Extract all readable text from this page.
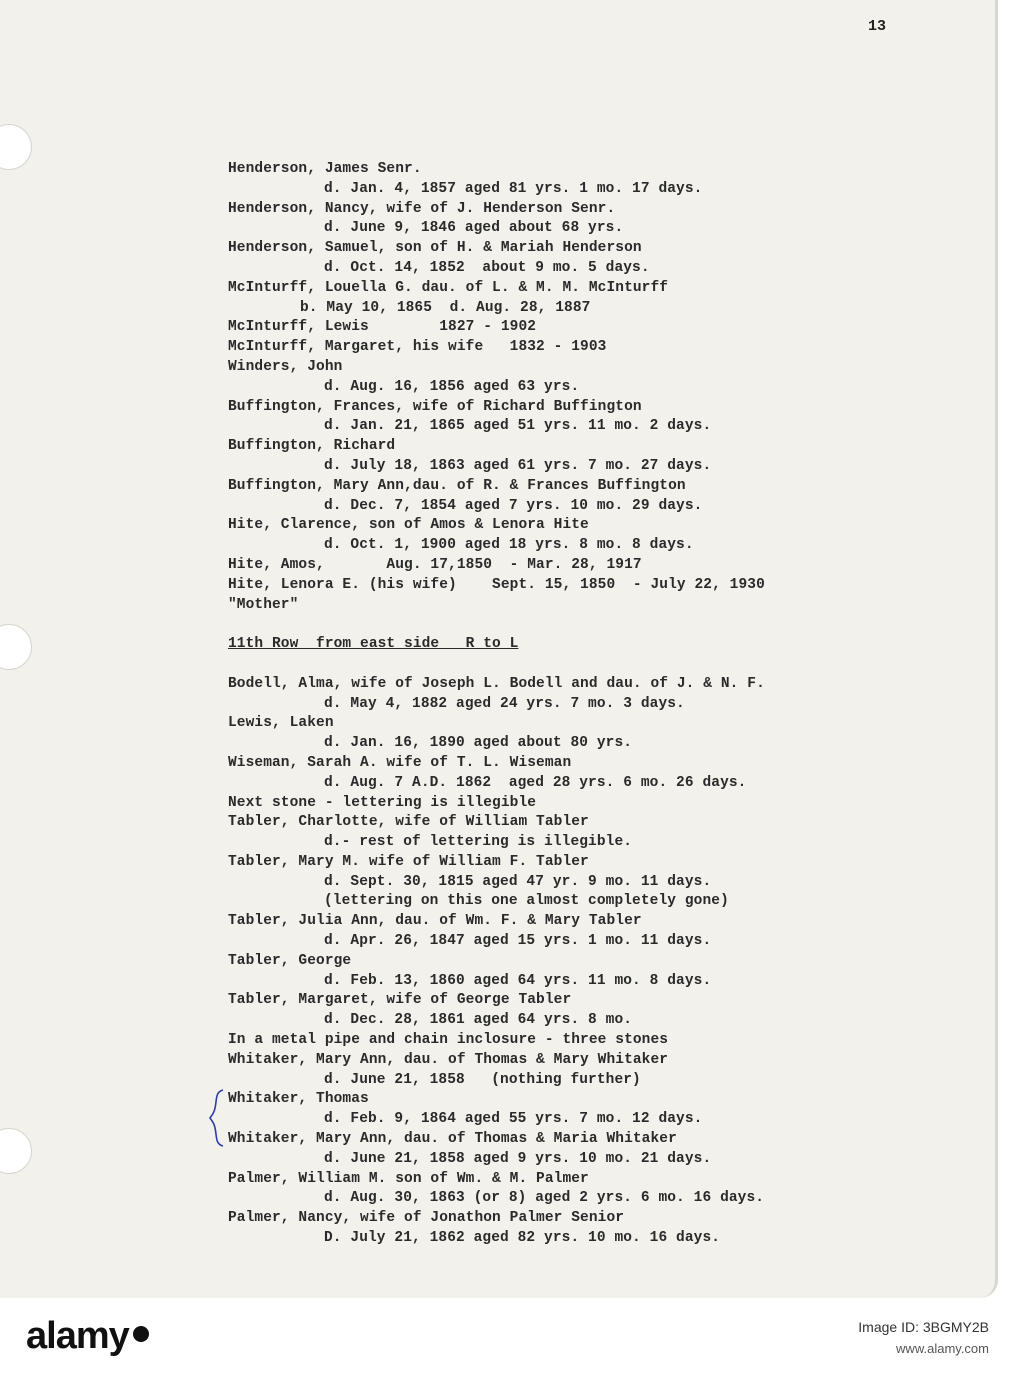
13
Henderson, James Senr.
d. Jan. 4, 1857 aged 81 yrs. 1 mo. 17 days.
Henderson, Nancy, wife of J. Henderson Senr.
d. June 9, 1846 aged about 68 yrs.
Henderson, Samuel, son of H. & Mariah Henderson
d. Oct. 14, 1852  about 9 mo. 5 days.
McInturff, Louella G. dau. of L. & M. M. McInturff
b. May 10, 1865  d. Aug. 28, 1887
McInturff, Lewis        1827 - 1902
McInturff, Margaret, his wife   1832 - 1903
Winders, John
d. Aug. 16, 1856 aged 63 yrs.
Buffington, Frances, wife of Richard Buffington
d. Jan. 21, 1865 aged 51 yrs. 11 mo. 2 days.
Buffington, Richard
d. July 18, 1863 aged 61 yrs. 7 mo. 27 days.
Buffington, Mary Ann,dau. of R. & Frances Buffington
d. Dec. 7, 1854 aged 7 yrs. 10 mo. 29 days.
Hite, Clarence, son of Amos & Lenora Hite
d. Oct. 1, 1900 aged 18 yrs. 8 mo. 8 days.
Hite, Amos,       Aug. 17,1850  - Mar. 28, 1917
Hite, Lenora E. (his wife)    Sept. 15, 1850  - July 22, 1930
"Mother"
11th Row  from east side   R to L
Bodell, Alma, wife of Joseph L. Bodell and dau. of J. & N. F.
d. May 4, 1882 aged 24 yrs. 7 mo. 3 days.
Lewis, Laken
d. Jan. 16, 1890 aged about 80 yrs.
Wiseman, Sarah A. wife of T. L. Wiseman
d. Aug. 7 A.D. 1862  aged 28 yrs. 6 mo. 26 days.
Next stone - lettering is illegible
Tabler, Charlotte, wife of William Tabler
d.- rest of lettering is illegible.
Tabler, Mary M. wife of William F. Tabler
d. Sept. 30, 1815 aged 47 yr. 9 mo. 11 days.
(lettering on this one almost completely gone)
Tabler, Julia Ann, dau. of Wm. F. & Mary Tabler
d. Apr. 26, 1847 aged 15 yrs. 1 mo. 11 days.
Tabler, George
d. Feb. 13, 1860 aged 64 yrs. 11 mo. 8 days.
Tabler, Margaret, wife of George Tabler
d. Dec. 28, 1861 aged 64 yrs. 8 mo.
In a metal pipe and chain inclosure - three stones
Whitaker, Mary Ann, dau. of Thomas & Mary Whitaker
d. June 21, 1858   (nothing further)
Whitaker, Thomas
d. Feb. 9, 1864 aged 55 yrs. 7 mo. 12 days.
Whitaker, Mary Ann, dau. of Thomas & Maria Whitaker
d. June 21, 1858 aged 9 yrs. 10 mo. 21 days.
Palmer, William M. son of Wm. & M. Palmer
d. Aug. 30, 1863 (or 8) aged 2 yrs. 6 mo. 16 days.
Palmer, Nancy, wife of Jonathon Palmer Senior
D. July 21, 1862 aged 82 yrs. 10 mo. 16 days.
alamy	Image ID: 3BGMY2B
www.alamy.com
